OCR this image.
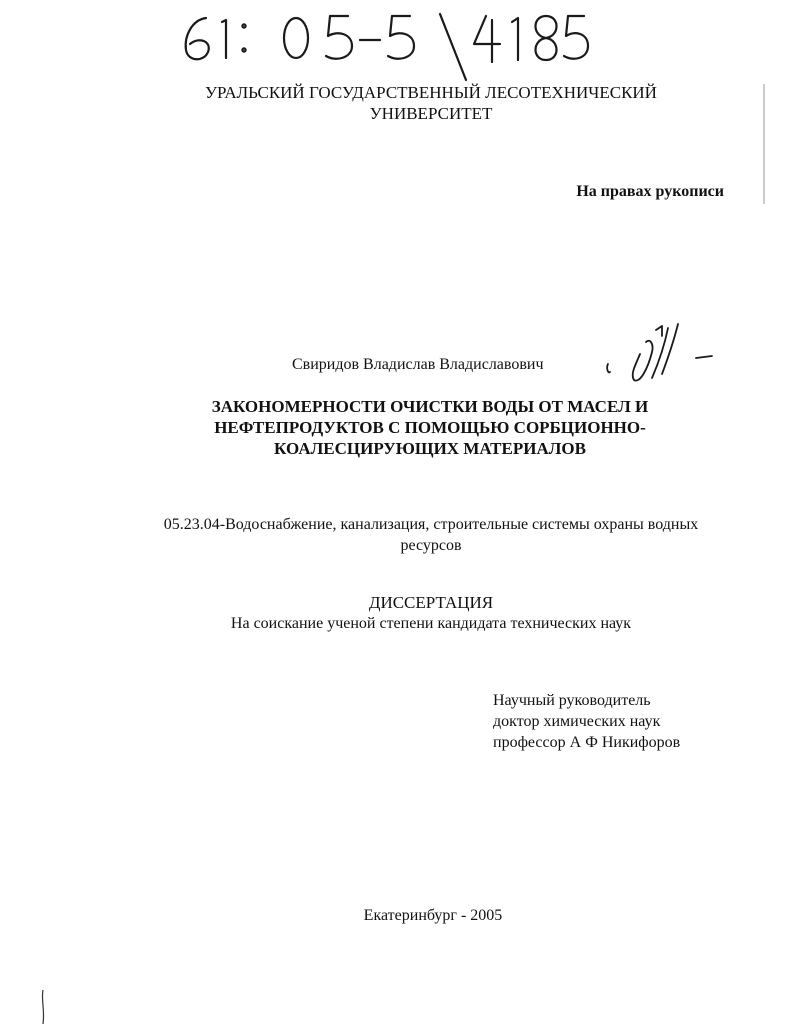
УРАЛЬСКИЙ ГОСУДАРСТВЕННЫЙ ЛЕСОТЕХНИЧЕСКИЙ
УНИВЕРСИТЕТ
На правах рукописи
Свиридов Владислав Владиславович
ЗАКОНОМЕРНОСТИ ОЧИСТКИ ВОДЫ ОТ МАСЕЛ И
НЕФТЕПРОДУКТОВ С ПОМОЩЬЮ СОРБЦИОННО-
КОАЛЕСЦИРУЮЩИХ МАТЕРИАЛОВ
05.23.04-Водоснабжение, канализация, строительные системы охраны водных
ресурсов
ДИССЕРТАЦИЯ
На соискание ученой степени кандидата технических наук
Научный руководитель
доктор химических наук
профессор А Ф Никифоров
Екатеринбург - 2005
